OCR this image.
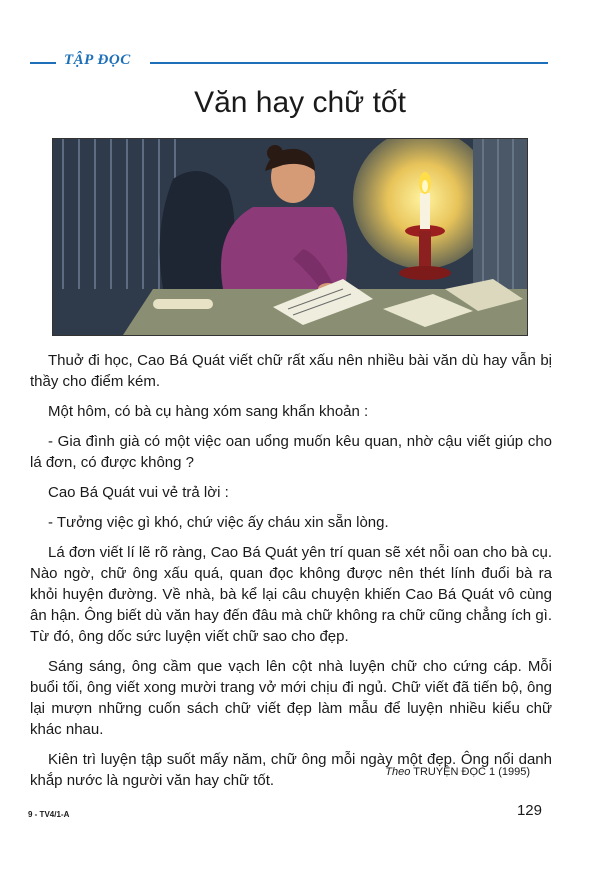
TẬP ĐỌC
Văn hay chữ tốt

Thuở đi học, Cao Bá Quát viết chữ rất xấu nên nhiều bài văn dù hay vẫn bị thầy cho điểm kém.

Một hôm, có bà cụ hàng xóm sang khẩn khoản :

- Gia đình già có một việc oan uổng muốn kêu quan, nhờ cậu viết giúp cho lá đơn, có được không ?

Cao Bá Quát vui vẻ trả lời :

- Tưởng việc gì khó, chứ việc ấy cháu xin sẵn lòng.

Lá đơn viết lí lẽ rõ ràng, Cao Bá Quát yên trí quan sẽ xét nỗi oan cho bà cụ. Nào ngờ, chữ ông xấu quá, quan đọc không được nên thét lính đuổi bà ra khỏi huyện đường. Về nhà, bà kể lại câu chuyện khiến Cao Bá Quát vô cùng ân hận. Ông biết dù văn hay đến đâu mà chữ không ra chữ cũng chẳng ích gì. Từ đó, ông dốc sức luyện viết chữ sao cho đẹp.

Sáng sáng, ông cầm que vạch lên cột nhà luyện chữ cho cứng cáp. Mỗi buổi tối, ông viết xong mười trang vở mới chịu đi ngủ. Chữ viết đã tiến bộ, ông lại mượn những cuốn sách chữ viết đẹp làm mẫu để luyện nhiều kiểu chữ khác nhau.

Kiên trì luyện tập suốt mấy năm, chữ ông mỗi ngày một đẹp. Ông nổi danh khắp nước là người văn hay chữ tốt.	Theo TRUYỆN ĐỌC 1 (1995)
9 - TV4/1-A	129
